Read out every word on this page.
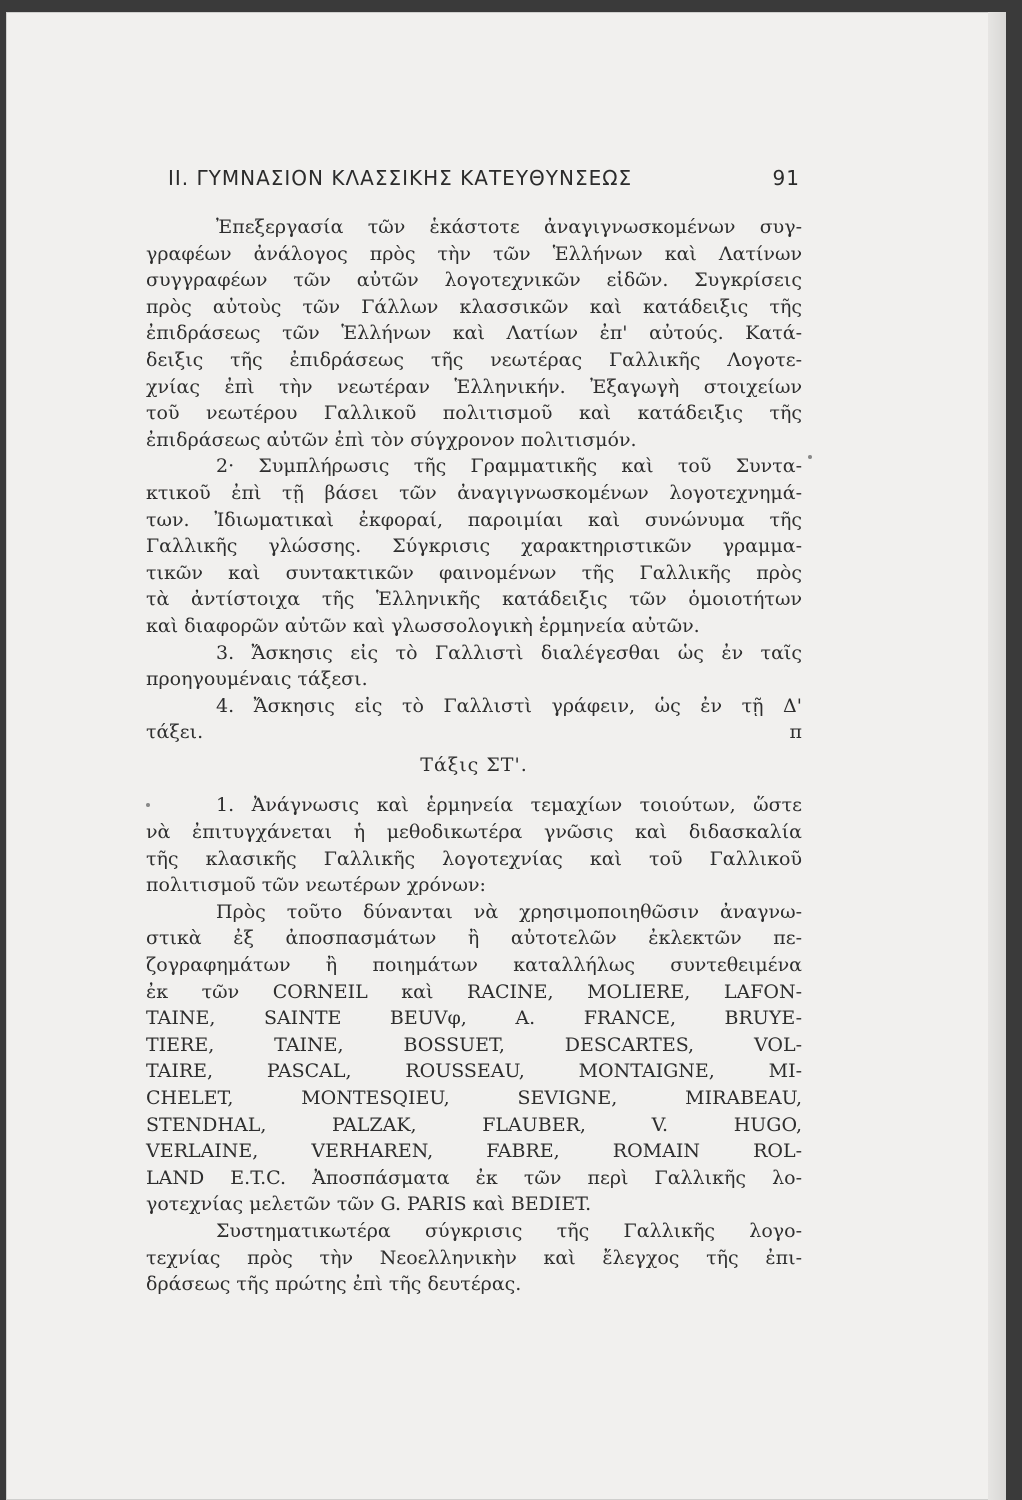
ΙΙ. ΓΥΜΝΑΣΙΟΝ ΚΛΑΣΣΙΚΗΣ ΚΑΤΕΥΘΥΝΣΕΩΣ	91
Ἐπεξεργασία τῶν ἑκάστοτε ἀναγιγνωσκομένων συγ-
γραφέων ἀνάλογος πρὸς τὴν τῶν Ἑλλήνων καὶ Λατίνων
συγγραφέων τῶν αὐτῶν λογοτεχνικῶν εἰδῶν. Συγκρίσεις
πρὸς αὐτοὺς τῶν Γάλλων κλασσικῶν καὶ κατάδειξις τῆς
ἐπιδράσεως τῶν Ἑλλήνων καὶ Λατίων ἐπ' αὐτούς. Κατά-
δειξις τῆς ἐπιδράσεως τῆς νεωτέρας Γαλλικῆς Λογοτε-
χνίας ἐπὶ τὴν νεωτέραν Ἑλληνικήν. Ἐξαγωγὴ στοιχείων
τοῦ νεωτέρου Γαλλικοῦ πολιτισμοῦ καὶ κατάδειξις τῆς
ἐπιδράσεως αὐτῶν ἐπὶ τὸν σύγχρονον πολιτισμόν.
2· Συμπλήρωσις τῆς Γραμματικῆς καὶ τοῦ Συντα-
κτικοῦ ἐπὶ τῇ βάσει τῶν ἀναγιγνωσκομένων λογοτεχνημά-
των. Ἰδιωματικαὶ ἐκφοραί, παροιμίαι καὶ συνώνυμα τῆς
Γαλλικῆς γλώσσης. Σύγκρισις χαρακτηριστικῶν γραμμα-
τικῶν καὶ συντακτικῶν φαινομένων τῆς Γαλλικῆς πρὸς
τὰ ἀντίστοιχα τῆς Ἑλληνικῆς κατάδειξις τῶν ὁμοιοτήτων
καὶ διαφορῶν αὐτῶν καὶ γλωσσολογικὴ ἑρμηνεία αὐτῶν.
3. Ἄσκησις εἰς τὸ Γαλλιστὶ διαλέγεσθαι ὡς ἐν ταῖς
προηγουμέναις τάξεσι.
4. Ἄσκησις εἰς τὸ Γαλλιστὶ γράφειν, ὡς ἐν τῇ Δ'
τάξει.	π
Τάξις ΣΤ'.
1. Ἀνάγνωσις καὶ ἑρμηνεία τεμαχίων τοιούτων, ὥστε
νὰ ἐπιτυγχάνεται ἡ μεθοδικωτέρα γνῶσις καὶ διδασκαλία
τῆς κλασικῆς Γαλλικῆς λογοτεχνίας καὶ τοῦ Γαλλικοῦ
πολιτισμοῦ τῶν νεωτέρων χρόνων:
Πρὸς τοῦτο δύνανται νὰ χρησιμοποιηθῶσιν ἀναγνω-
στικὰ ἐξ ἀποσπασμάτων ἢ αὐτοτελῶν ἐκλεκτῶν πε-
ζογραφημάτων ἢ ποιημάτων καταλλήλως συντεθειμένα
ἐκ τῶν CORNEIL καὶ RACINE, MOLIERE, LAFON-
TAINE, SAINTE BEUVφ, A. FRANCE, BRUYE-
TIERE, TAINE, BOSSUET, DESCARTES, VOL-
TAIRE, PASCAL, ROUSSEAU, MONTAIGNE, MI-
CHELET, MONTESQIEU, SEVIGNE, MIRABEAU,
STENDHAL, PALZAK, FLAUBER, V. HUGO,
VERLAINE, VERHAREN, FABRE, ROMAIN ROL-
LAND E.T.C. Ἀποσπάσματα ἐκ τῶν περὶ Γαλλικῆς λο-
γοτεχνίας μελετῶν τῶν G. PARIS καὶ BEDIET.
Συστηματικωτέρα σύγκρισις τῆς Γαλλικῆς λογο-
τεχνίας πρὸς τὴν Νεοελληνικὴν καὶ ἔλεγχος τῆς ἐπι-
δράσεως τῆς πρώτης ἐπὶ τῆς δευτέρας.
